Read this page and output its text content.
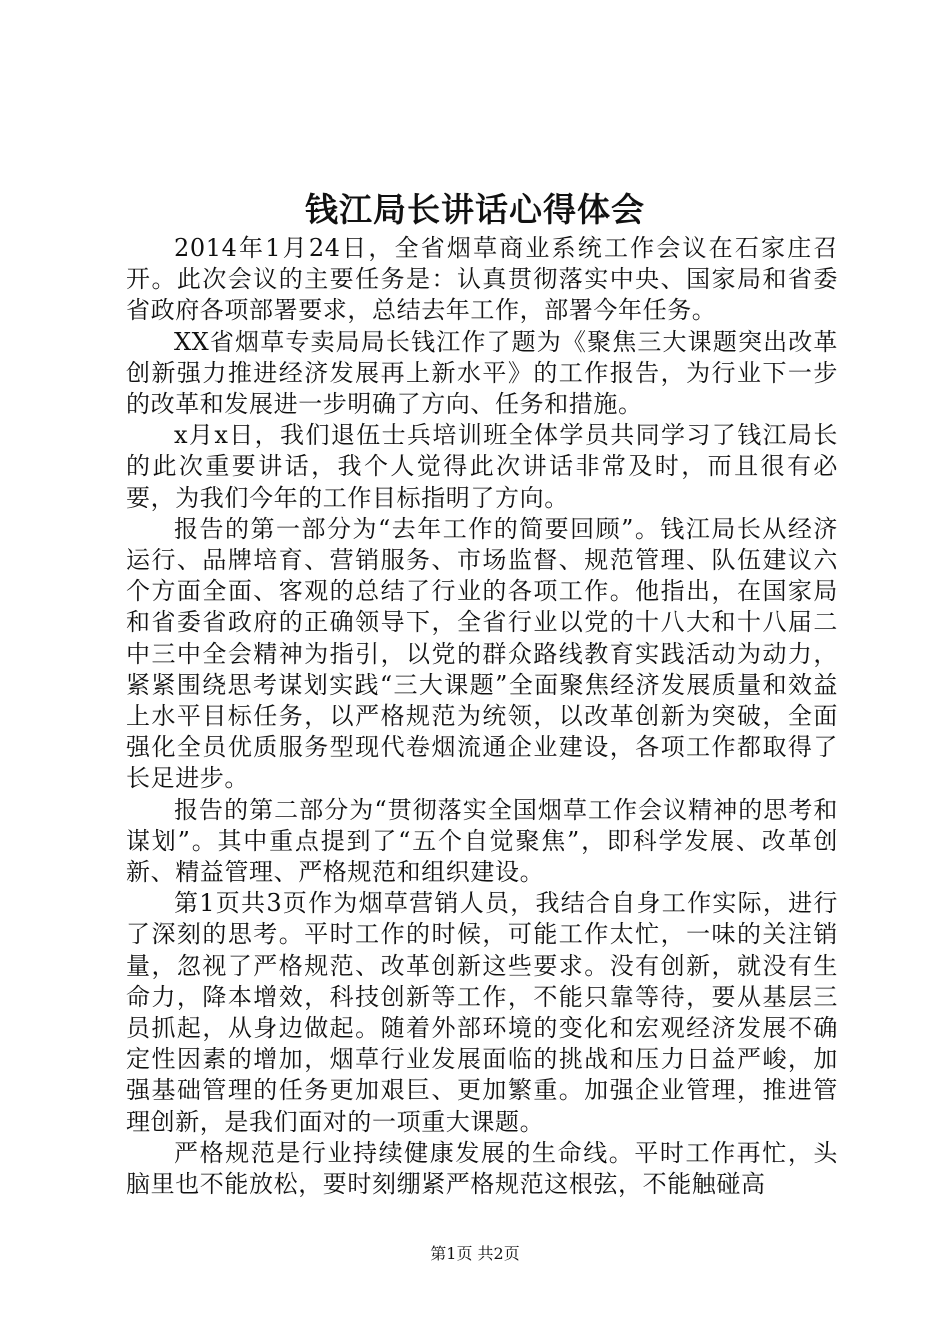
钱江局长讲话心得体会

2014年1月24日，全省烟草商业系统工作会议在石家庄召开。此次会议的主要任务是：认真贯彻落实中央、国家局和省委省政府各项部署要求，总结去年工作，部署今年任务。

XX省烟草专卖局局长钱江作了题为《聚焦三大课题突出改革创新强力推进经济发展再上新水平》的工作报告，为行业下一步的改革和发展进一步明确了方向、任务和措施。

x月x日，我们退伍士兵培训班全体学员共同学习了钱江局长的此次重要讲话，我个人觉得此次讲话非常及时，而且很有必要，为我们今年的工作目标指明了方向。

报告的第一部分为“去年工作的简要回顾”。钱江局长从经济运行、品牌培育、营销服务、市场监督、规范管理、队伍建议六个方面全面、客观的总结了行业的各项工作。他指出，在国家局和省委省政府的正确领导下，全省行业以党的十八大和十八届二中三中全会精神为指引，以党的群众路线教育实践活动为动力，紧紧围绕思考谋划实践“三大课题”全面聚焦经济发展质量和效益上水平目标任务，以严格规范为统领，以改革创新为突破，全面强化全员优质服务型现代卷烟流通企业建设，各项工作都取得了长足进步。

报告的第二部分为“贯彻落实全国烟草工作会议精神的思考和谋划”。其中重点提到了“五个自觉聚焦”，即科学发展、改革创新、精益管理、严格规范和组织建设。

第1页共3页作为烟草营销人员，我结合自身工作实际，进行了深刻的思考。平时工作的时候，可能工作太忙，一味的关注销量，忽视了严格规范、改革创新这些要求。没有创新，就没有生命力，降本增效，科技创新等工作，不能只靠等待，要从基层三员抓起，从身边做起。随着外部环境的变化和宏观经济发展不确定性因素的增加，烟草行业发展面临的挑战和压力日益严峻，加强基础管理的任务更加艰巨、更加繁重。加强企业管理，推进管理创新，是我们面对的一项重大课题。

严格规范是行业持续健康发展的生命线。平时工作再忙，头脑里也不能放松，要时刻绷紧严格规范这根弦，不能触碰高

第1页 共2页
